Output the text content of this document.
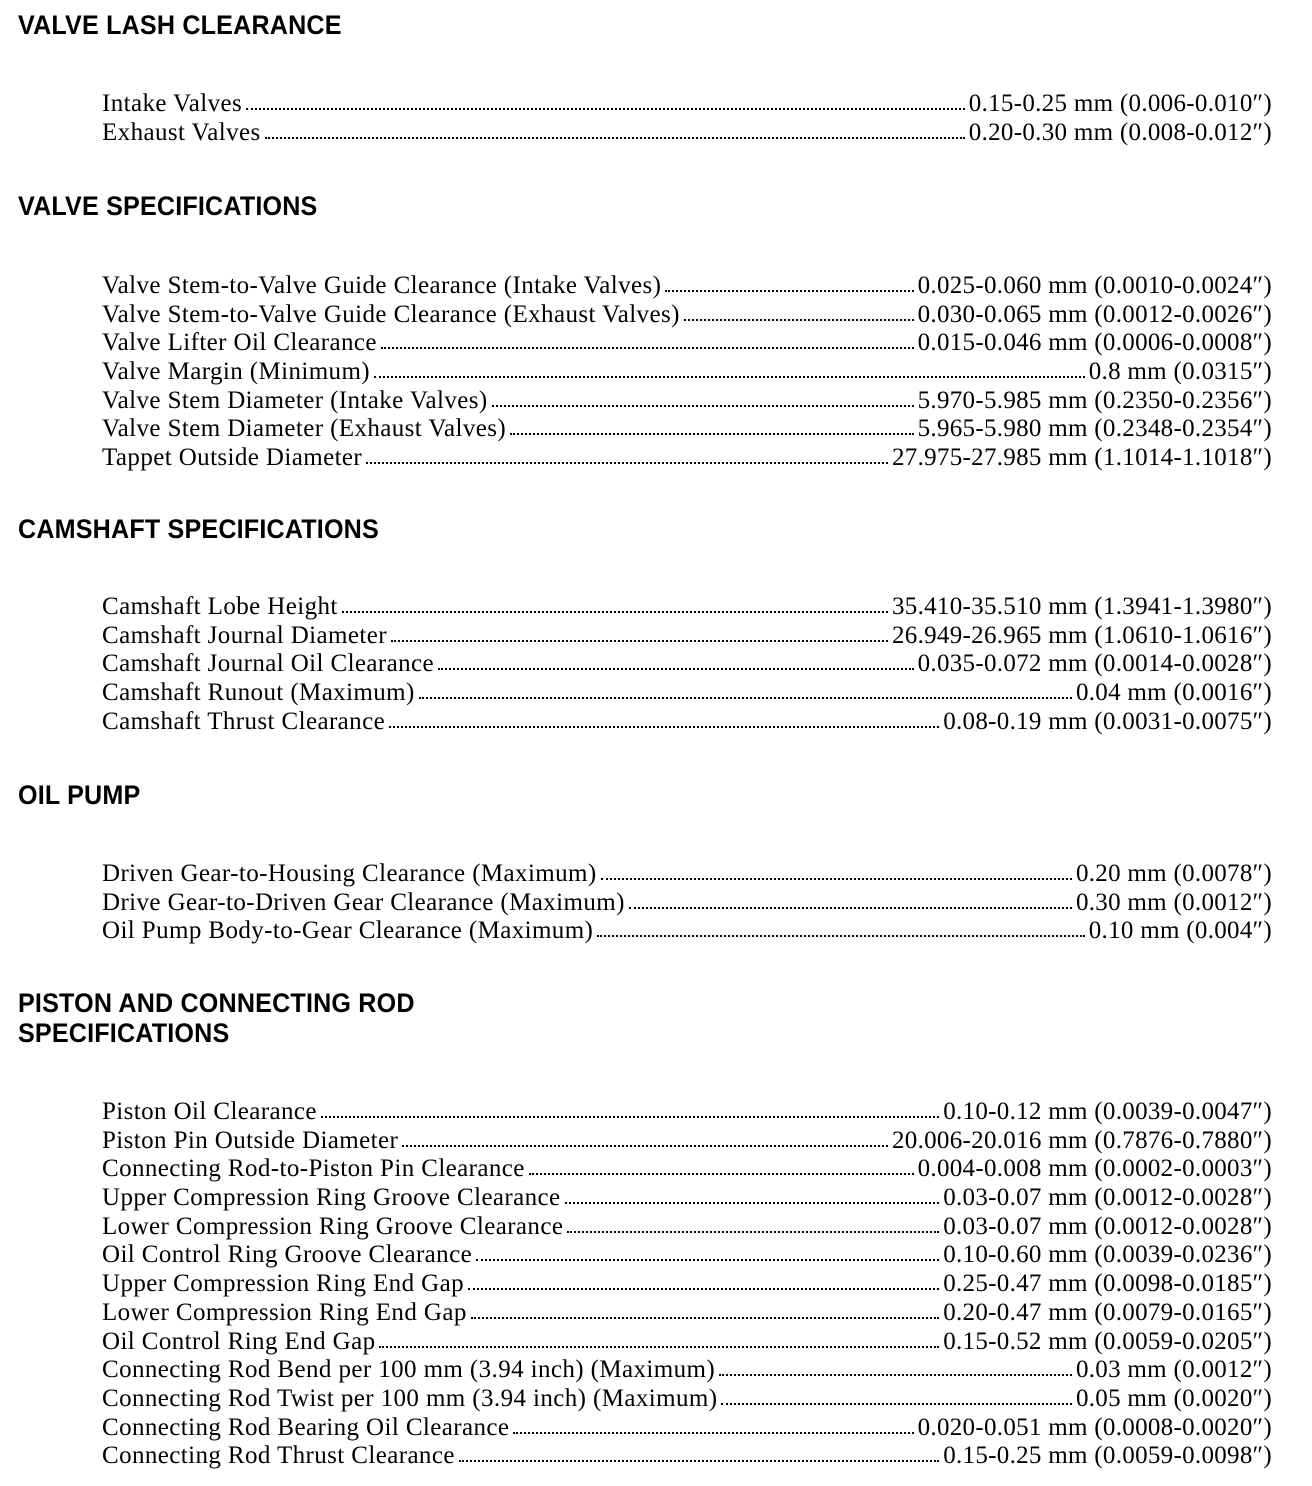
VALVE LASH CLEARANCE
Intake Valves	0.15-0.25 mm (0.006-0.010″)
Exhaust Valves	0.20-0.30 mm (0.008-0.012″)
VALVE SPECIFICATIONS
Valve Stem-to-Valve Guide Clearance (Intake Valves)	0.025-0.060 mm (0.0010-0.0024″)
Valve Stem-to-Valve Guide Clearance (Exhaust Valves)	0.030-0.065 mm (0.0012-0.0026″)
Valve Lifter Oil Clearance	0.015-0.046 mm (0.0006-0.0008″)
Valve Margin (Minimum)	0.8 mm (0.0315″)
Valve Stem Diameter (Intake Valves)	5.970-5.985 mm (0.2350-0.2356″)
Valve Stem Diameter (Exhaust Valves)	5.965-5.980 mm (0.2348-0.2354″)
Tappet Outside Diameter	27.975-27.985 mm (1.1014-1.1018″)
CAMSHAFT SPECIFICATIONS
Camshaft Lobe Height	35.410-35.510 mm (1.3941-1.3980″)
Camshaft Journal Diameter	26.949-26.965 mm (1.0610-1.0616″)
Camshaft Journal Oil Clearance	0.035-0.072 mm (0.0014-0.0028″)
Camshaft Runout (Maximum)	0.04 mm (0.0016″)
Camshaft Thrust Clearance	0.08-0.19 mm (0.0031-0.0075″)
OIL PUMP
Driven Gear-to-Housing Clearance (Maximum)	0.20 mm (0.0078″)
Drive Gear-to-Driven Gear Clearance (Maximum)	0.30 mm (0.0012″)
Oil Pump Body-to-Gear Clearance (Maximum)	0.10 mm (0.004″)
PISTON AND CONNECTING ROD
SPECIFICATIONS
Piston Oil Clearance	0.10-0.12 mm (0.0039-0.0047″)
Piston Pin Outside Diameter	20.006-20.016 mm (0.7876-0.7880″)
Connecting Rod-to-Piston Pin Clearance	0.004-0.008 mm (0.0002-0.0003″)
Upper Compression Ring Groove Clearance	0.03-0.07 mm (0.0012-0.0028″)
Lower Compression Ring Groove Clearance	0.03-0.07 mm (0.0012-0.0028″)
Oil Control Ring Groove Clearance	0.10-0.60 mm (0.0039-0.0236″)
Upper Compression Ring End Gap	0.25-0.47 mm (0.0098-0.0185″)
Lower Compression Ring End Gap	0.20-0.47 mm (0.0079-0.0165″)
Oil Control Ring End Gap	0.15-0.52 mm (0.0059-0.0205″)
Connecting Rod Bend per 100 mm (3.94 inch) (Maximum)	0.03 mm (0.0012″)
Connecting Rod Twist per 100 mm (3.94 inch) (Maximum)	0.05 mm (0.0020″)
Connecting Rod Bearing Oil Clearance	0.020-0.051 mm (0.0008-0.0020″)
Connecting Rod Thrust Clearance	0.15-0.25 mm (0.0059-0.0098″)
